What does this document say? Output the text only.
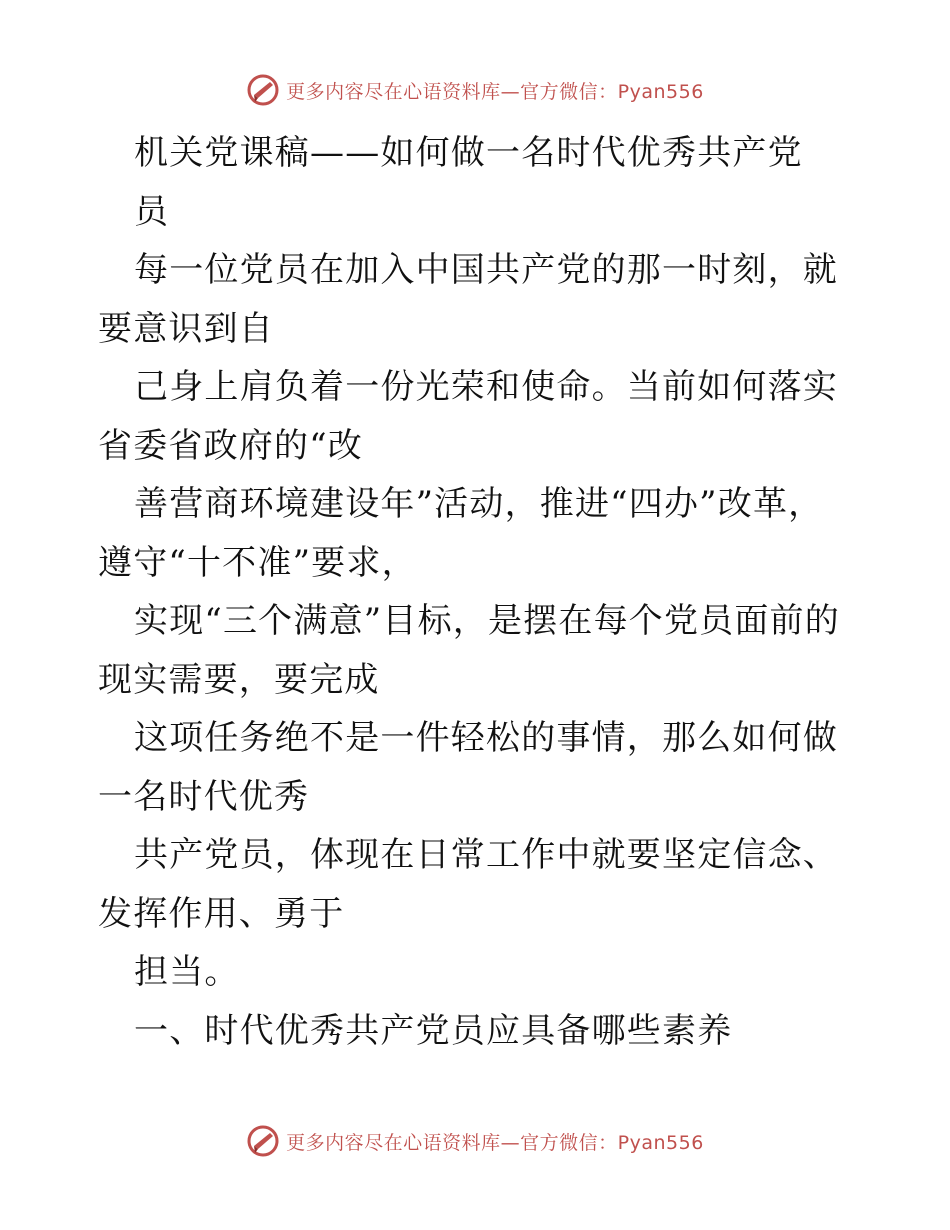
更多内容尽在心语资料库—官方微信：Pyan556

机关党课稿——如何做一名时代优秀共产党

员

每一位党员在加入中国共产党的那一时刻，就要意识到自

己身上肩负着一份光荣和使命。当前如何落实省委省政府的“改

善营商环境建设年”活动，推进“四办”改革，遵守“十不准”要求，

实现“三个满意”目标，是摆在每个党员面前的现实需要，要完成

这项任务绝不是一件轻松的事情，那么如何做一名时代优秀

共产党员，体现在日常工作中就要坚定信念、发挥作用、勇于

担当。

一、时代优秀共产党员应具备哪些素养

更多内容尽在心语资料库—官方微信：Pyan556
